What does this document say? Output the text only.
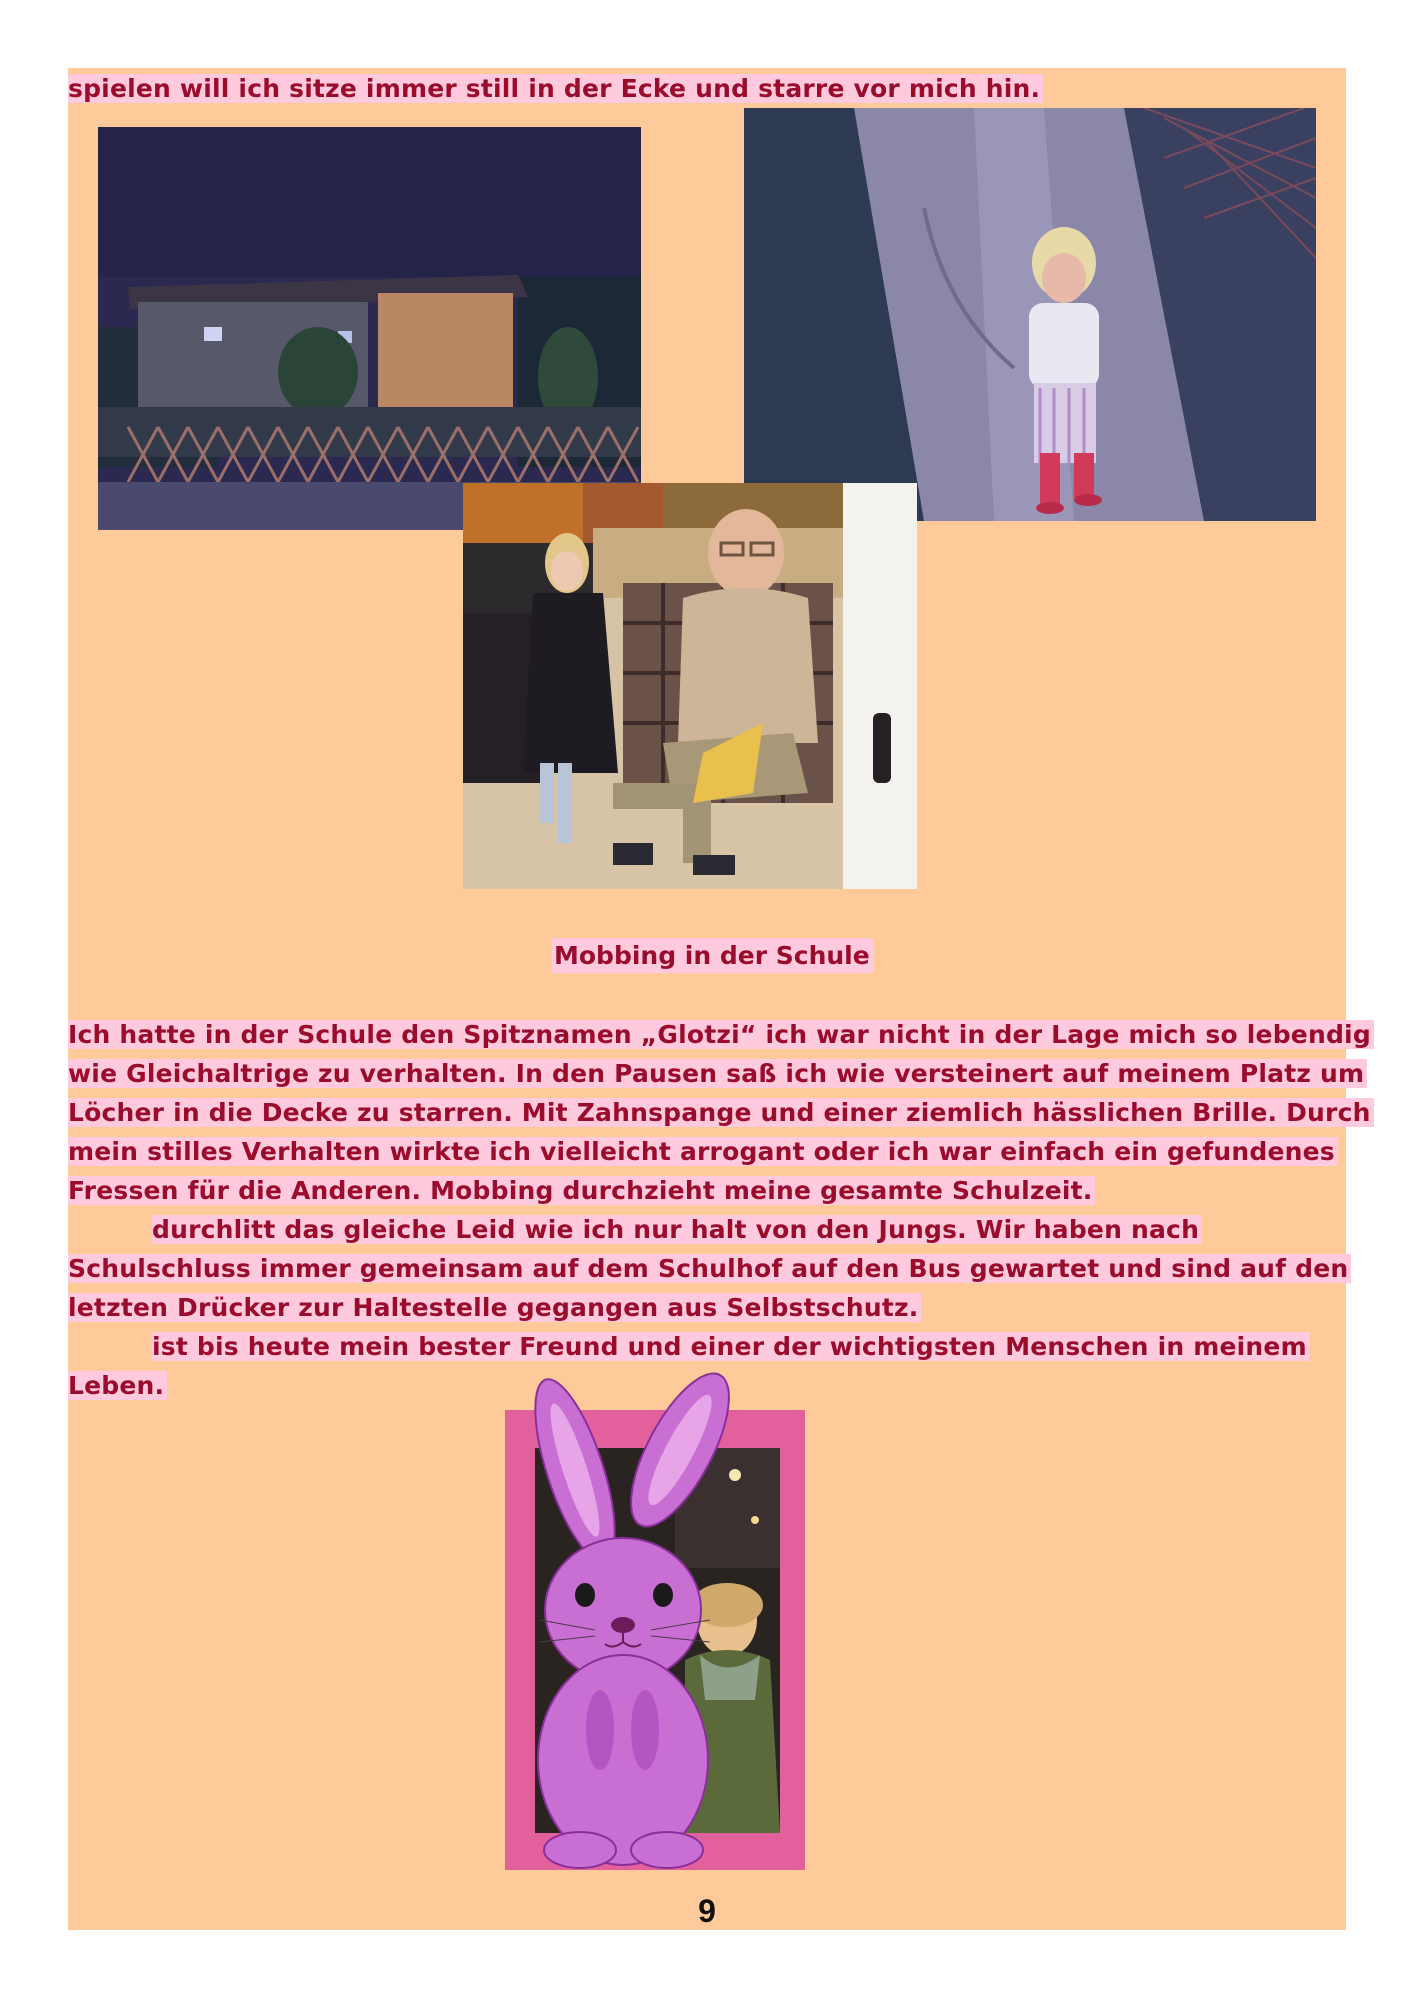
spielen will ich sitze immer still in der Ecke und starre vor mich hin.
Mobbing in der Schule
Ich hatte in der Schule den Spitznamen „Glotzi“ ich war nicht in der Lage mich so lebendig
wie Gleichaltrige zu verhalten. In den Pausen saß ich wie versteinert auf meinem Platz um
Löcher in die Decke zu starren. Mit Zahnspange und einer ziemlich hässlichen Brille. Durch
mein stilles Verhalten wirkte ich vielleicht arrogant oder ich war einfach ein gefundenes
Fressen für die Anderen. Mobbing durchzieht meine gesamte Schulzeit.
durchlitt das gleiche Leid wie ich nur halt von den Jungs. Wir haben nach
Schulschluss immer gemeinsam auf dem Schulhof auf den Bus gewartet und sind auf den
letzten Drücker zur Haltestelle gegangen aus Selbstschutz.
ist bis heute mein bester Freund und einer der wichtigsten Menschen in meinem
Leben.
9
